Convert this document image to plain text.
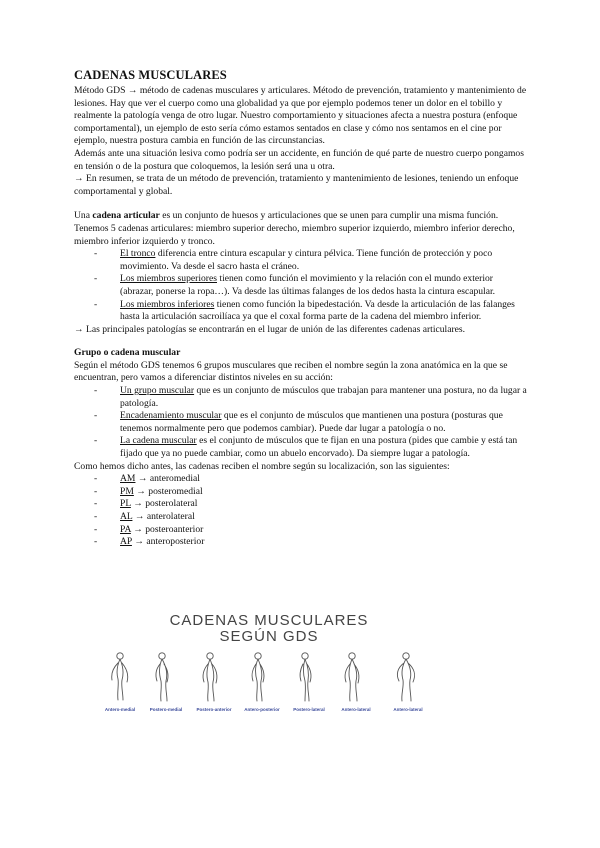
CADENAS MUSCULARES

Método GDS → método de cadenas musculares y articulares. Método de prevención, tratamiento y mantenimiento de lesiones. Hay que ver el cuerpo como una globalidad ya que por ejemplo podemos tener un dolor en el tobillo y realmente la patología venga de otro lugar. Nuestro comportamiento y situaciones afecta a nuestra postura (enfoque comportamental), un ejemplo de esto sería cómo estamos sentados en clase y cómo nos sentamos en el cine por ejemplo, nuestra postura cambia en función de las circunstancias.

Además ante una situación lesiva como podría ser un accidente, en función de qué parte de nuestro cuerpo pongamos en tensión o de la postura que coloquemos, la lesión será una u otra.

→ En resumen, se trata de un método de prevención, tratamiento y mantenimiento de lesiones, teniendo un enfoque comportamental y global.

Una cadena articular es un conjunto de huesos y articulaciones que se unen para cumplir una misma función. Tenemos 5 cadenas articulares: miembro superior derecho, miembro superior izquierdo, miembro inferior derecho, miembro inferior izquierdo y tronco.

- El tronco diferencia entre cintura escapular y cintura pélvica. Tiene función de protección y poco movimiento. Va desde el sacro hasta el cráneo.
- Los miembros superiores tienen como función el movimiento y la relación con el mundo exterior (abrazar, ponerse la ropa…). Va desde las últimas falanges de los dedos hasta la cintura escapular.
- Los miembros inferiores tienen como función la bipedestación. Va desde la articulación de las falanges hasta la articulación sacroilíaca ya que el coxal forma parte de la cadena del miembro inferior.

→ Las principales patologías se encontrarán en el lugar de unión de las diferentes cadenas articulares.

Grupo o cadena muscular

Según el método GDS tenemos 6 grupos musculares que reciben el nombre según la zona anatómica en la que se encuentran, pero vamos a diferenciar distintos niveles en su acción:

- Un grupo muscular que es un conjunto de músculos que trabajan para mantener una postura, no da lugar a patología.
- Encadenamiento muscular que es el conjunto de músculos que mantienen una postura (posturas que tenemos normalmente pero que podemos cambiar). Puede dar lugar a patología o no.
- La cadena muscular es el conjunto de músculos que te fijan en una postura (pides que cambie y está tan fijado que ya no puede cambiar, como un abuelo encorvado). Da siempre lugar a patología.

Como hemos dicho antes, las cadenas reciben el nombre según su localización, son las siguientes:

- AM → anteromedial
- PM → posteromedial
- PL → posterolateral
- AL → anterolateral
- PA → posteroanterior
- AP → anteroposterior
CADENAS MUSCULARES
SEGÚN GDS
Antero-medial	Postero-medial	Postero-anterior	Antero-posterior	Postero-lateral	Antero-lateral	Antero-lateral
